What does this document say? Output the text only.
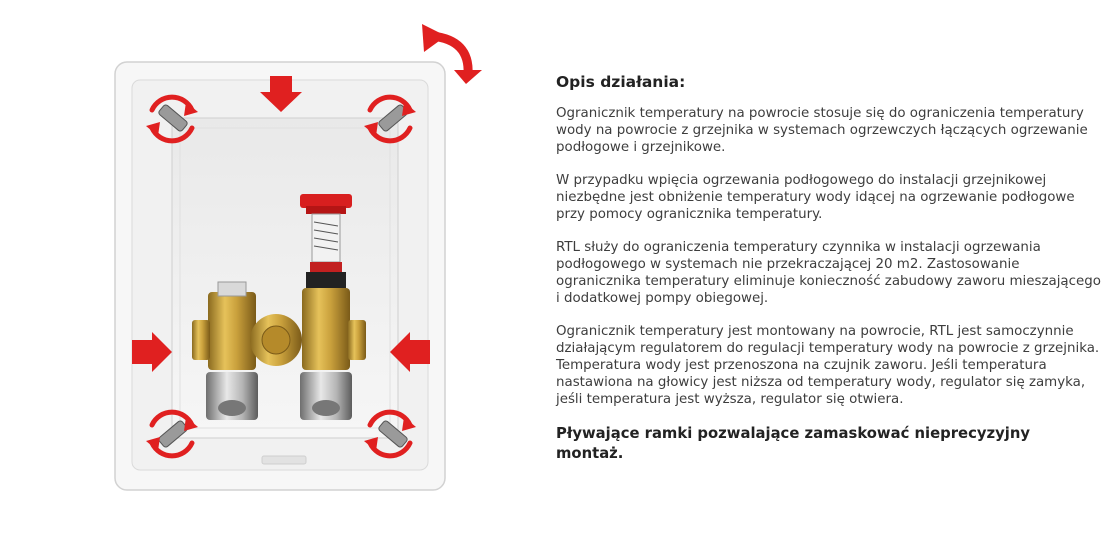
Opis działania:

Ogranicznik temperatury na powrocie stosuje się do ograniczenia temperatury wody na powrocie z grzejnika w systemach ogrzewczych łączących ogrzewanie podłogowe i grzejnikowe.

W przypadku wpięcia ogrzewania podłogowego do instalacji grzejnikowej niezbędne jest obniżenie temperatury wody idącej na ogrzewanie podłogowe przy pomocy ogranicznika temperatury.

RTL służy do ograniczenia temperatury czynnika w instalacji ogrzewania podłogowego w systemach nie przekraczającej 20 m2. Zastosowanie ogranicznika temperatury eliminuje konieczność zabudowy zaworu mieszającego i dodatkowej pompy obiegowej.

Ogranicznik temperatury jest montowany na powrocie, RTL jest samoczynnie działającym regulatorem do regulacji temperatury wody na powrocie z grzejnika. Temperatura wody jest przenoszona na czujnik zaworu. Jeśli temperatura nastawiona na głowicy jest niższa od temperatury wody, regulator się zamyka, jeśli temperatura jest wyższa, regulator się otwiera.

Pływające ramki pozwalające zamaskować nieprecyzyjny montaż.
